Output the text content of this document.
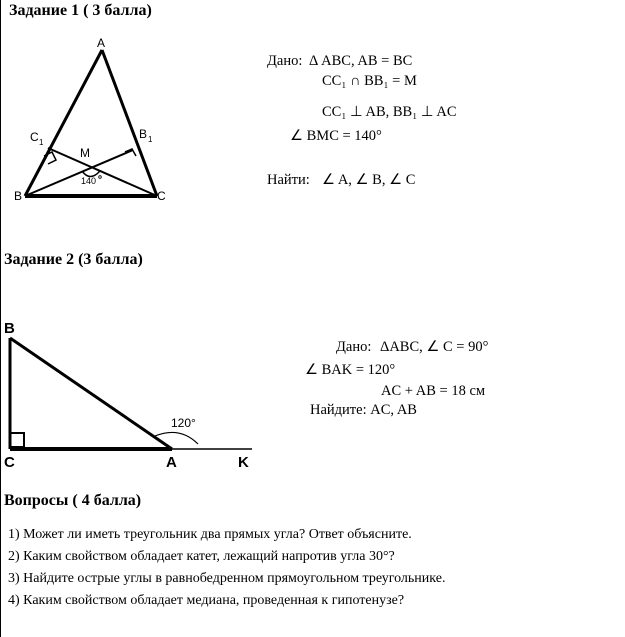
Задание 1 ( 3 балла)
A
B	C
C 1
B 1
M
140
Дано: Δ ABC, AB = BC
CC₁ ∩ BB₁ = M
CC₁ ⊥ AB, BB₁ ⊥ AC
∠ BMC = 140°
Найти: ∠ A, ∠ B, ∠ C
Задание 2 (3 балла)
B
C	A	K
120°
Дано: ΔABC, ∠ C = 90°
∠ BAK = 120°
AC + AB = 18 см
Найдите: AC, AB
Вопросы ( 4 балла)
1) Может ли иметь треугольник два прямых угла? Ответ объясните.
2) Каким свойством обладает катет, лежащий напротив угла 30°?
3) Найдите острые углы в равнобедренном прямоугольном треугольнике.
4) Каким свойством обладает медиана, проведенная к гипотенузе?
